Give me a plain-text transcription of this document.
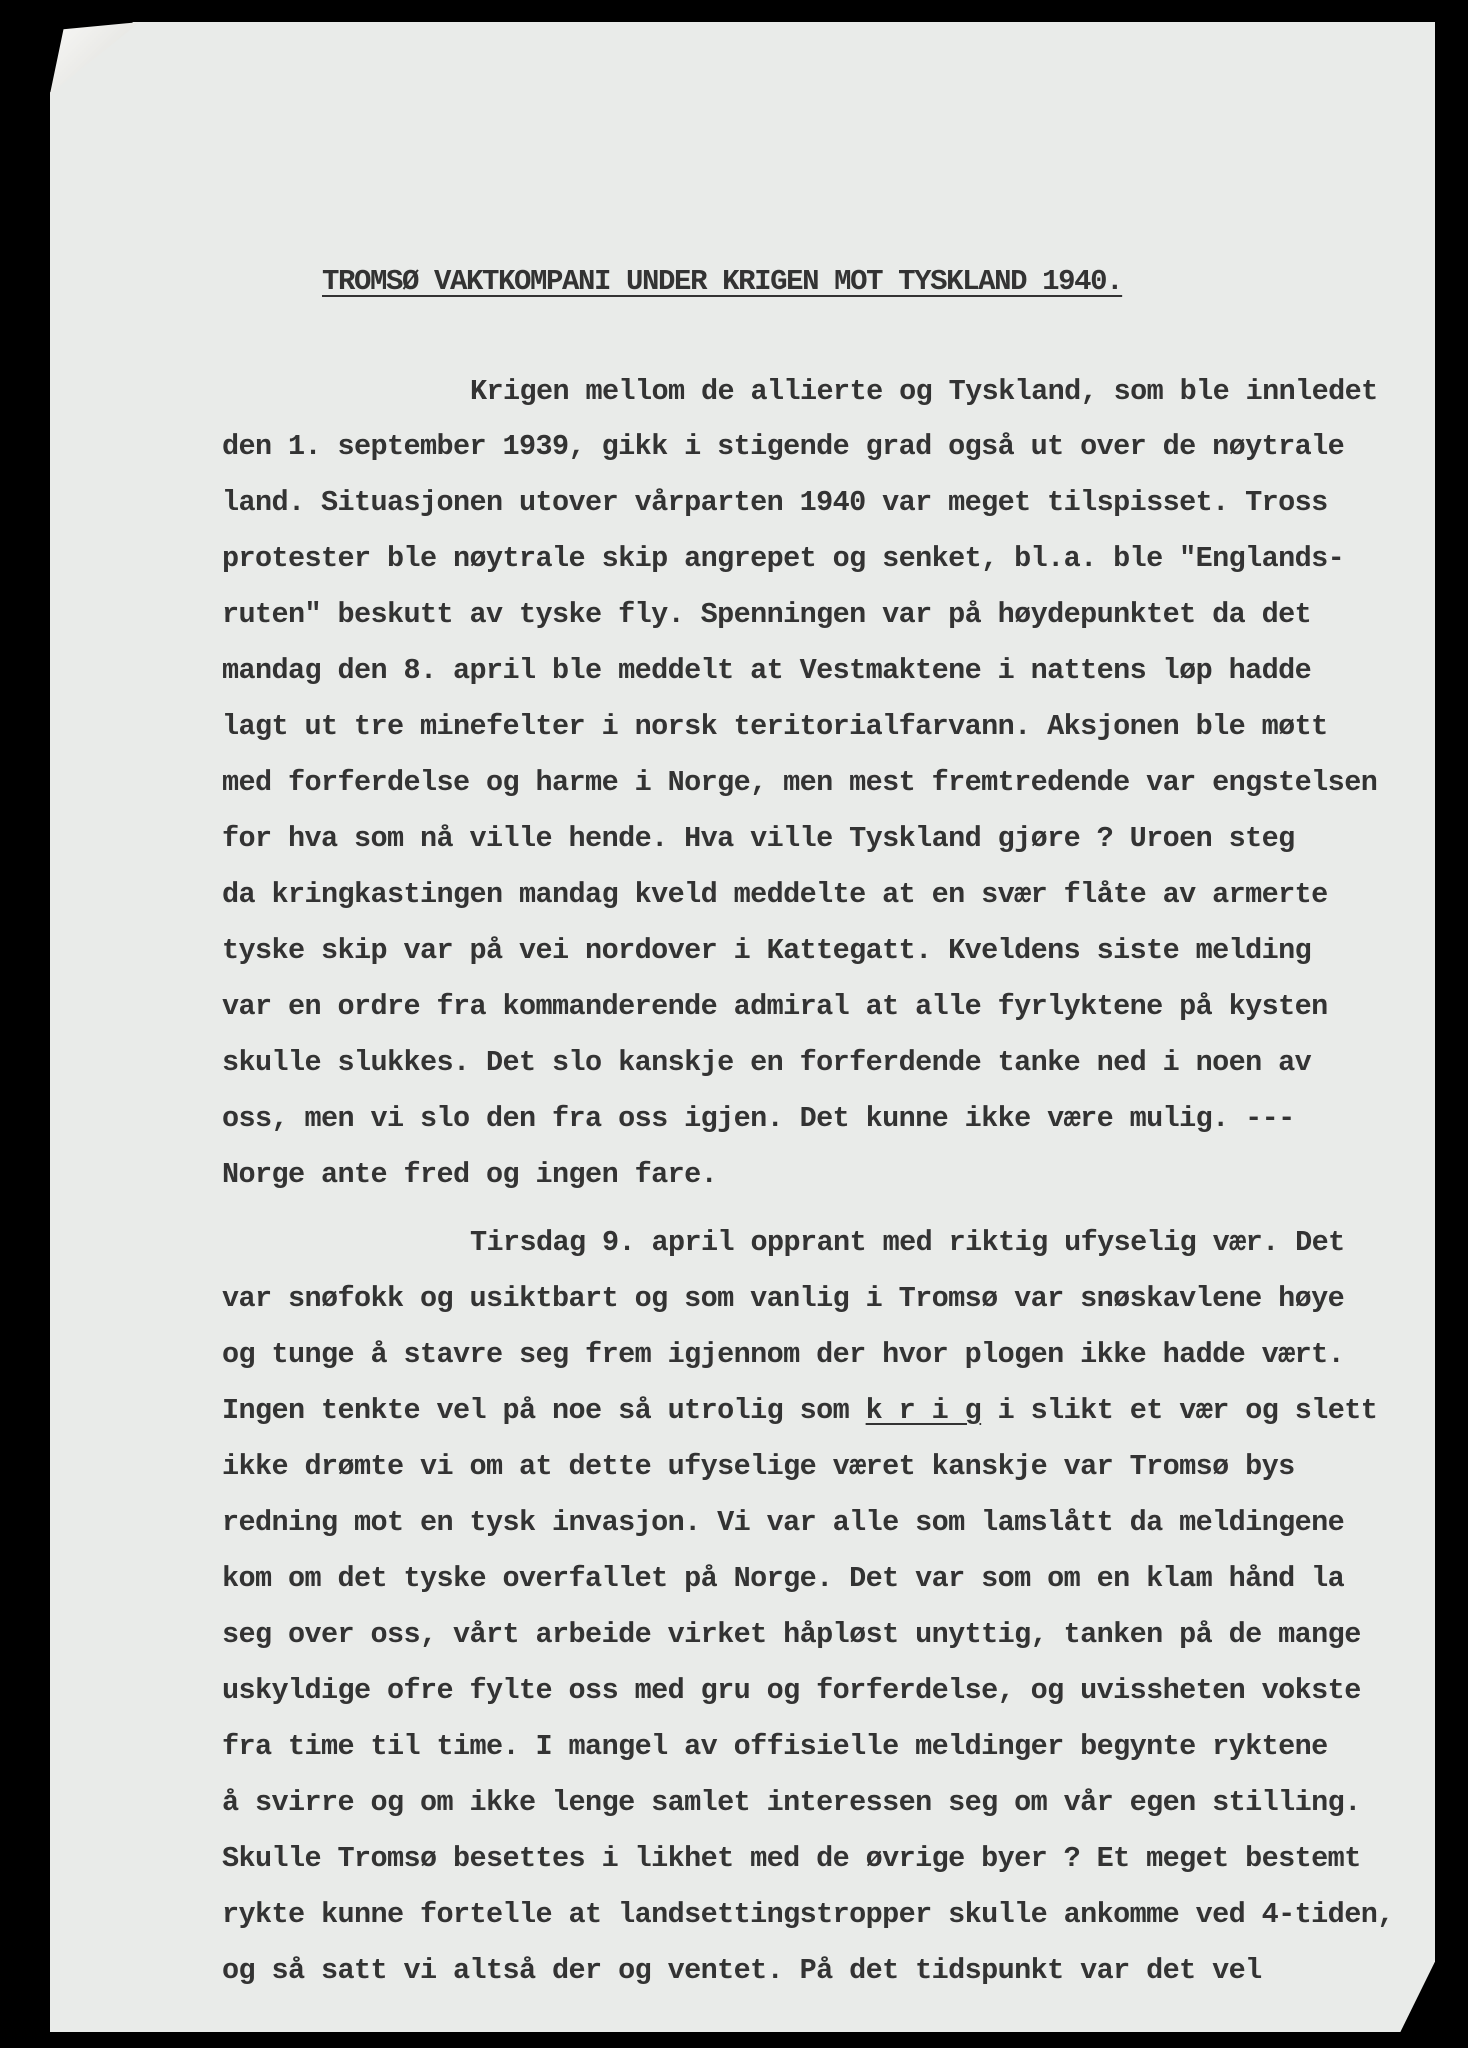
TROMSØ VAKTKOMPANI UNDER KRIGEN MOT TYSKLAND 1940.
Krigen mellom de allierte og Tyskland, som ble innledet
den 1. september 1939, gikk i stigende grad også ut over de nøytrale
land. Situasjonen utover vårparten 1940 var meget tilspisset. Tross
protester ble nøytrale skip angrepet og senket, bl.a. ble "Englands-
ruten" beskutt av tyske fly. Spenningen var på høydepunktet da det
mandag den 8. april ble meddelt at Vestmaktene i nattens løp hadde
lagt ut tre minefelter i norsk teritorialfarvann. Aksjonen ble møtt
med forferdelse og harme i Norge, men mest fremtredende var engstelsen
for hva som nå ville hende. Hva ville Tyskland gjøre ? Uroen steg
da kringkastingen mandag kveld meddelte at en svær flåte av armerte
tyske skip var på vei nordover i Kattegatt. Kveldens siste melding
var en ordre fra kommanderende admiral at alle fyrlyktene på kysten
skulle slukkes. Det slo kanskje en forferdende tanke ned i noen av
oss, men vi slo den fra oss igjen. Det kunne ikke være mulig. ---
Norge ante fred og ingen fare.
Tirsdag 9. april opprant med riktig ufyselig vær. Det
var snøfokk og usiktbart og som vanlig i Tromsø var snøskavlene høye
og tunge å stavre seg frem igjennom der hvor plogen ikke hadde vært.
Ingen tenkte vel på noe så utrolig som k r i g i slikt et vær og slett
ikke drømte vi om at dette ufyselige været kanskje var Tromsø bys
redning mot en tysk invasjon. Vi var alle som lamslått da meldingene
kom om det tyske overfallet på Norge. Det var som om en klam hånd la
seg over oss, vårt arbeide virket håpløst unyttig, tanken på de mange
uskyldige ofre fylte oss med gru og forferdelse, og uvissheten vokste
fra time til time. I mangel av offisielle meldinger begynte ryktene
å svirre og om ikke lenge samlet interessen seg om vår egen stilling.
Skulle Tromsø besettes i likhet med de øvrige byer ? Et meget bestemt
rykte kunne fortelle at landsettingstropper skulle ankomme ved 4-tiden,
og så satt vi altså der og ventet. På det tidspunkt var det vel
